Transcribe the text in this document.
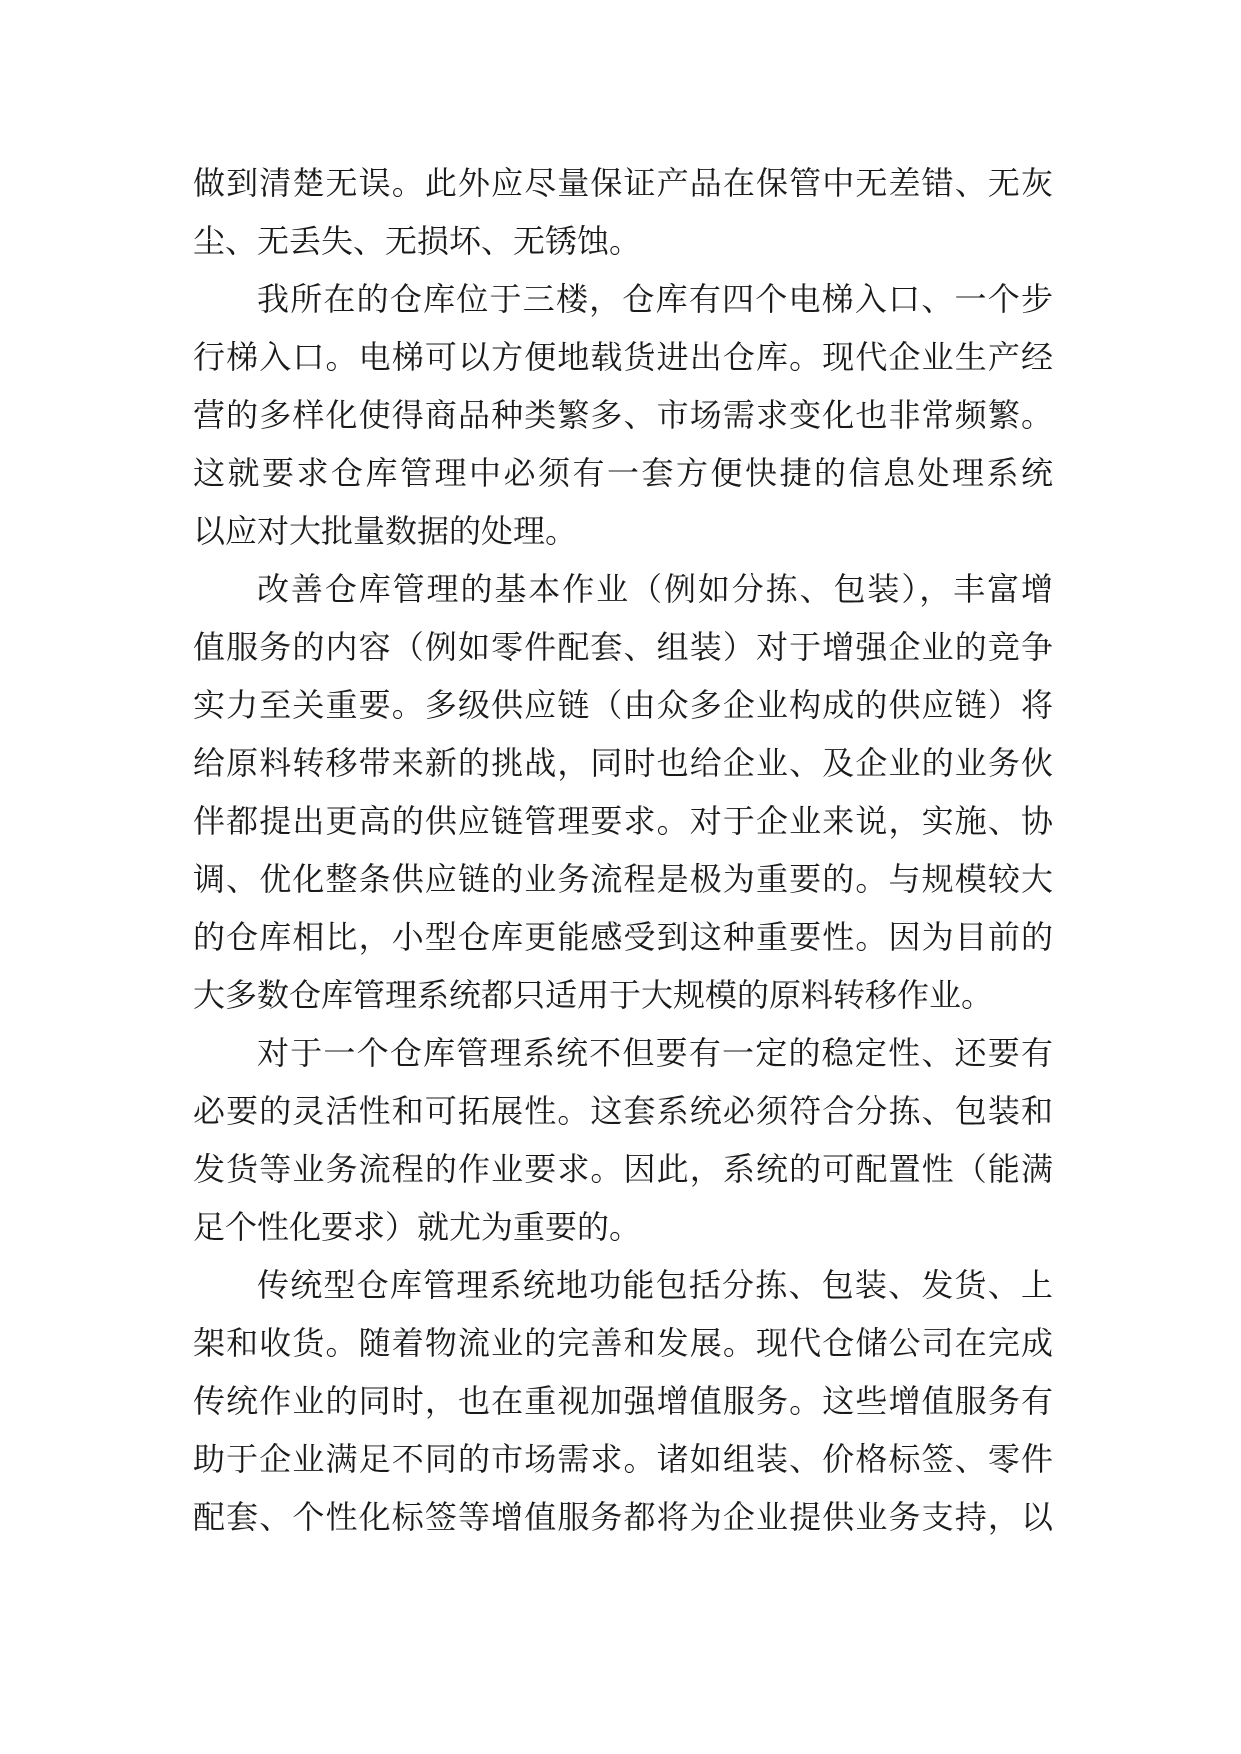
做到清楚无误。此外应尽量保证产品在保管中无差错、无灰
尘、无丢失、无损坏、无锈蚀。
我所在的仓库位于三楼，仓库有四个电梯入口、一个步
行梯入口。电梯可以方便地载货进出仓库。现代企业生产经
营的多样化使得商品种类繁多、市场需求变化也非常频繁。
这就要求仓库管理中必须有一套方便快捷的信息处理系统
以应对大批量数据的处理。
改善仓库管理的基本作业（例如分拣、包装），丰富增
值服务的内容（例如零件配套、组装）对于增强企业的竞争
实力至关重要。多级供应链（由众多企业构成的供应链）将
给原料转移带来新的挑战，同时也给企业、及企业的业务伙
伴都提出更高的供应链管理要求。对于企业来说，实施、协
调、优化整条供应链的业务流程是极为重要的。与规模较大
的仓库相比，小型仓库更能感受到这种重要性。因为目前的
大多数仓库管理系统都只适用于大规模的原料转移作业。
对于一个仓库管理系统不但要有一定的稳定性、还要有
必要的灵活性和可拓展性。这套系统必须符合分拣、包装和
发货等业务流程的作业要求。因此，系统的可配置性（能满
足个性化要求）就尤为重要的。
传统型仓库管理系统地功能包括分拣、包装、发货、上
架和收货。随着物流业的完善和发展。现代仓储公司在完成
传统作业的同时，也在重视加强增值服务。这些增值服务有
助于企业满足不同的市场需求。诸如组装、价格标签、零件
配套、个性化标签等增值服务都将为企业提供业务支持，以
